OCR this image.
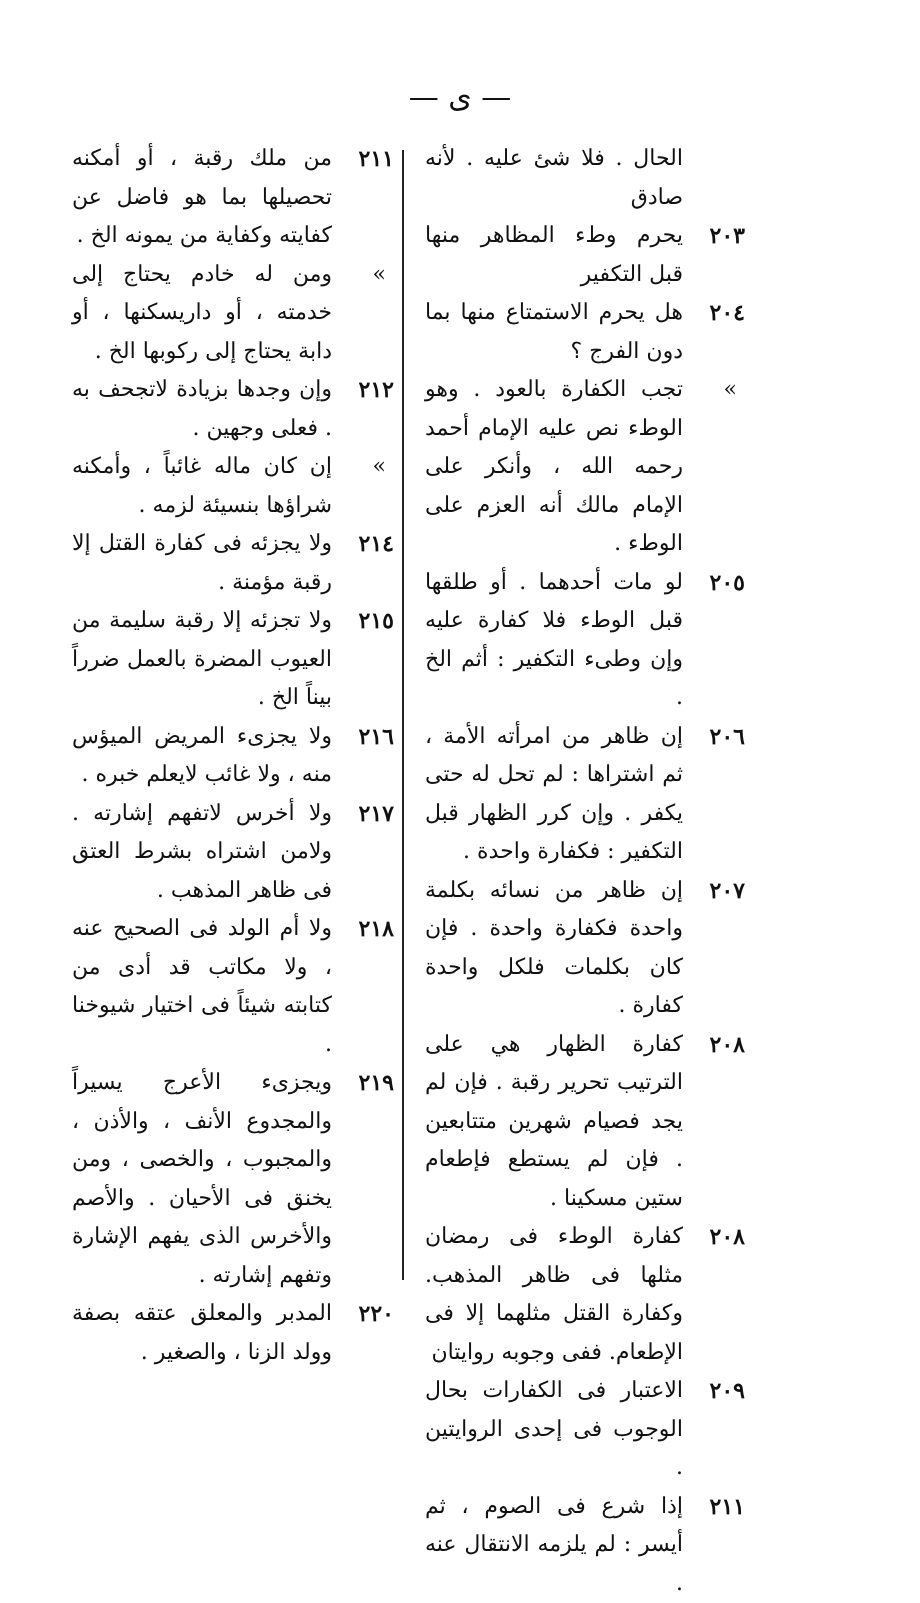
— ى —
الحال . فلا شئ عليه . لأنه صادق
٢٠٣
يحرم وطء المظاهر منها قبل التكفير
٢٠٤
هل يحرم الاستمتاع منها بما دون الفرج ؟
»
تجب الكفارة بالعود . وهو الوطء نص عليه الإمام أحمد رحمه الله ، وأنكر على الإمام مالك أنه العزم على الوطء .
٢٠٥
لو مات أحدهما . أو طلقها قبل الوطء فلا كفارة عليه وإن وطىء التكفير : أثم الخ .
٢٠٦
إن ظاهر من امرأته الأمة ، ثم اشتراها : لم تحل له حتى يكفر . وإن كرر الظهار قبل التكفير : فكفارة واحدة .
٢٠٧
إن ظاهر من نسائه بكلمة واحدة فكفارة واحدة . فإن كان بكلمات فلكل واحدة كفارة .
٢٠٨
كفارة الظهار هي على الترتيب تحرير رقبة . فإن لم يجد فصيام شهرين متتابعين . فإن لم يستطع فإطعام ستين مسكينا .
٢٠٨
كفارة الوطء فى رمضان مثلها فى ظاهر المذهب. وكفارة القتل مثلهما إلا فى الإطعام. ففى وجوبه روايتان
٢٠٩
الاعتبار فى الكفارات بحال الوجوب فى إحدى الروايتين .
٢١١
إذا شرع فى الصوم ، ثم أيسر : لم يلزمه الانتقال عنه .
٢١١
من ملك رقبة ، أو أمكنه تحصيلها بما هو فاضل عن كفايته وكفاية من يمونه الخ .
»
ومن له خادم يحتاج إلى خدمته ، أو داريسكنها ، أو دابة يحتاج إلى ركوبها الخ .
٢١٢
وإن وجدها بزيادة لاتجحف به . فعلى وجهين .
»
إن كان ماله غائباً ، وأمكنه شراؤها بنسيئة لزمه .
٢١٤
ولا يجزئه فى كفارة القتل إلا رقبة مؤمنة .
٢١٥
ولا تجزئه إلا رقبة سليمة من العيوب المضرة بالعمل ضرراً بيناً الخ .
٢١٦
ولا يجزىء المريض الميؤس منه ، ولا غائب لايعلم خبره .
٢١٧
ولا أخرس لاتفهم إشارته . ولامن اشتراه بشرط العتق فى ظاهر المذهب .
٢١٨
ولا أم الولد فى الصحيح عنه ، ولا مكاتب قد أدى من كتابته شيئاً فى اختيار شيوخنا .
٢١٩
ويجزىء الأعرج يسيراً والمجدوع الأنف ، والأذن ، والمجبوب ، والخصى ، ومن يخنق فى الأحيان . والأصم والأخرس الذى يفهم الإشارة وتفهم إشارته .
٢٢٠
المدبر والمعلق عتقه بصفة وولد الزنا ، والصغير .
